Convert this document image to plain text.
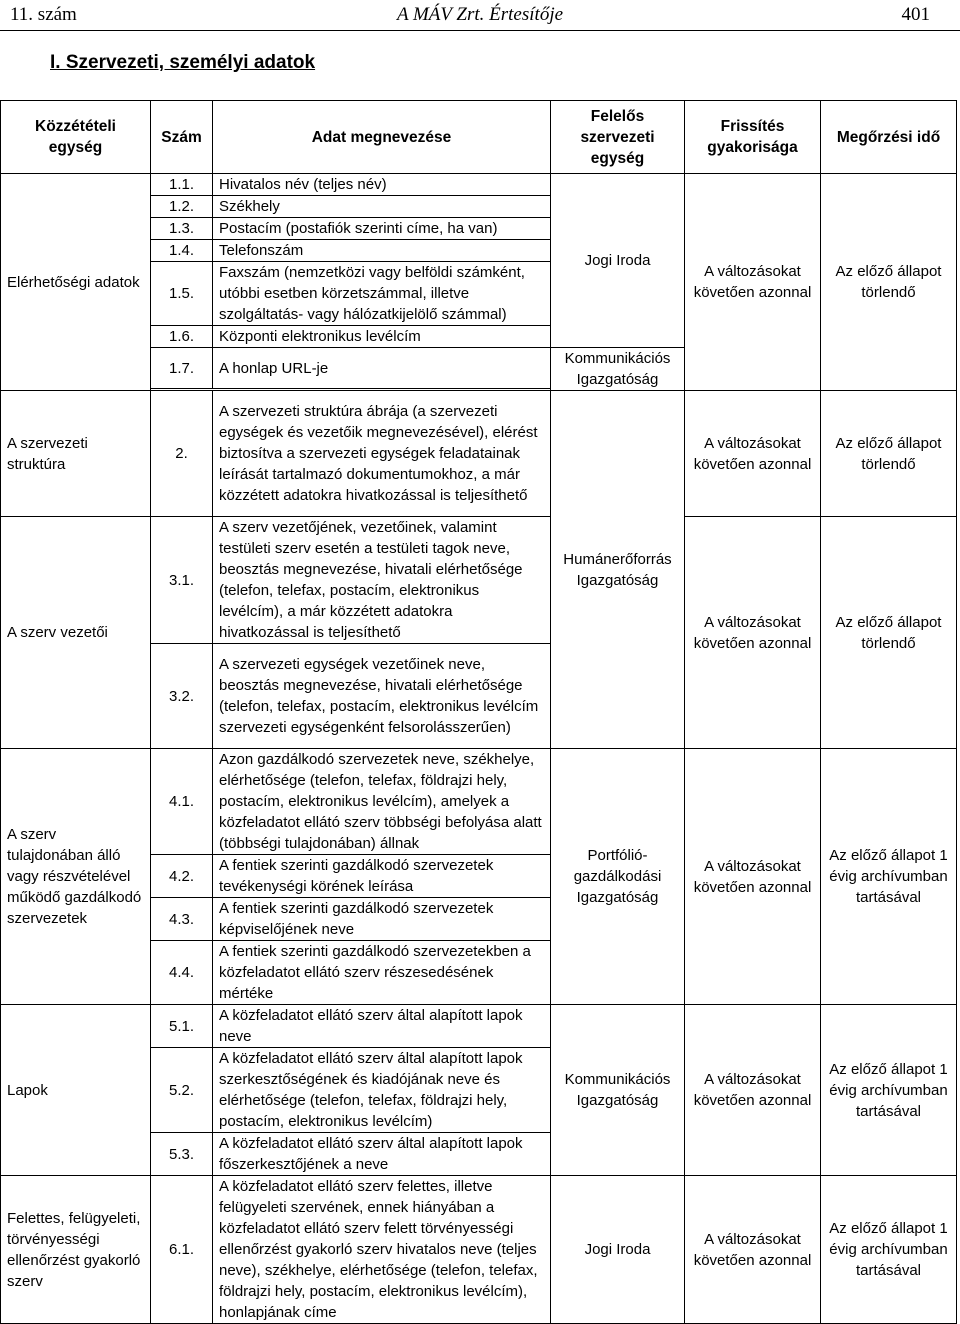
11. szám	A MÁV Zrt. Értesítője	401
I. Szervezeti, személyi adatok
Közzétételi egység	Szám	Adat megnevezése	Felelős szervezeti egység	Frissítés gyakorisága	Megőrzési idő
Elérhetőségi adatok	1.1.	Hivatalos név (teljes név)	Jogi Iroda	A változásokat követően azonnal	Az előző állapot törlendő
	1.2.	Székhely			
	1.3.	Postacím (postafiók szerinti címe, ha van)			
	1.4.	Telefonszám			
	1.5.	Faxszám (nemzetközi vagy belföldi számként, utóbbi esetben körzetszámmal, illetve szolgáltatás- vagy hálózatkijelölő számmal)			
	1.6.	Központi elektronikus levélcím			
	1.7.	A honlap URL-je	Kommunikációs Igazgatóság		

A szervezeti struktúra	2.	A szervezeti struktúra ábrája (a szervezeti egységek és vezetőik megnevezésével), elérést biztosítva a szervezeti egységek feladatainak leírását tartalmazó dokumentumokhoz, a már közzétett adatokra hivatkozással is teljesíthető	Humánerőforrás Igazgatóság	A változásokat követően azonnal	Az előző állapot törlendő
A szerv vezetői	3.1.	A szerv vezetőjének, vezetőinek, valamint testületi szerv esetén a testületi tagok neve, beosztás megnevezése, hivatali elérhetősége (telefon, telefax, postacím, elektronikus levélcím), a már közzétett adatokra hivatkozással is teljesíthető		A változásokat követően azonnal	Az előző állapot törlendő
	3.2.	A szervezeti egységek vezetőinek neve, beosztás megnevezése, hivatali elérhetősége (telefon, telefax, postacím, elektronikus levélcím szervezeti egységenként felsorolásszerűen)			
A szerv tulajdonában álló vagy részvételével működő gazdálkodó szervezetek	4.1.	Azon gazdálkodó szervezetek neve, székhelye, elérhetősége (telefon, telefax, földrajzi hely, postacím, elektronikus levélcím), amelyek a közfeladatot ellátó szerv többségi befolyása alatt (többségi tulajdonában) állnak	Portfólió-gazdálkodási Igazgatóság	A változásokat követően azonnal	Az előző állapot 1 évig archívumban tartásával
	4.2.	A fentiek szerinti gazdálkodó szervezetek tevékenységi körének leírása			
	4.3.	A fentiek szerinti gazdálkodó szervezetek képviselőjének neve			
	4.4.	A fentiek szerinti gazdálkodó szervezetekben a közfeladatot ellátó szerv részesedésének mértéke			
Lapok	5.1.	A közfeladatot ellátó szerv által alapított lapok neve	Kommunikációs Igazgatóság	A változásokat követően azonnal	Az előző állapot 1 évig archívumban tartásával
	5.2.	A közfeladatot ellátó szerv által alapított lapok szerkesztőségének és kiadójának neve és elérhetősége (telefon, telefax, földrajzi hely, postacím, elektronikus levélcím)			
	5.3.	A közfeladatot ellátó szerv által alapított lapok főszerkesztőjének a neve			
Felettes, felügyeleti, törvényességi ellenőrzést gyakorló szerv	6.1.	A közfeladatot ellátó szerv felettes, illetve felügyeleti szervének, ennek hiányában a közfeladatot ellátó szerv felett törvényességi ellenőrzést gyakorló szerv hivatalos neve (teljes neve), székhelye, elérhetősége (telefon, telefax, földrajzi hely, postacím, elektronikus levélcím), honlapjának címe	Jogi Iroda	A változásokat követően azonnal	Az előző állapot 1 évig archívumban tartásával
